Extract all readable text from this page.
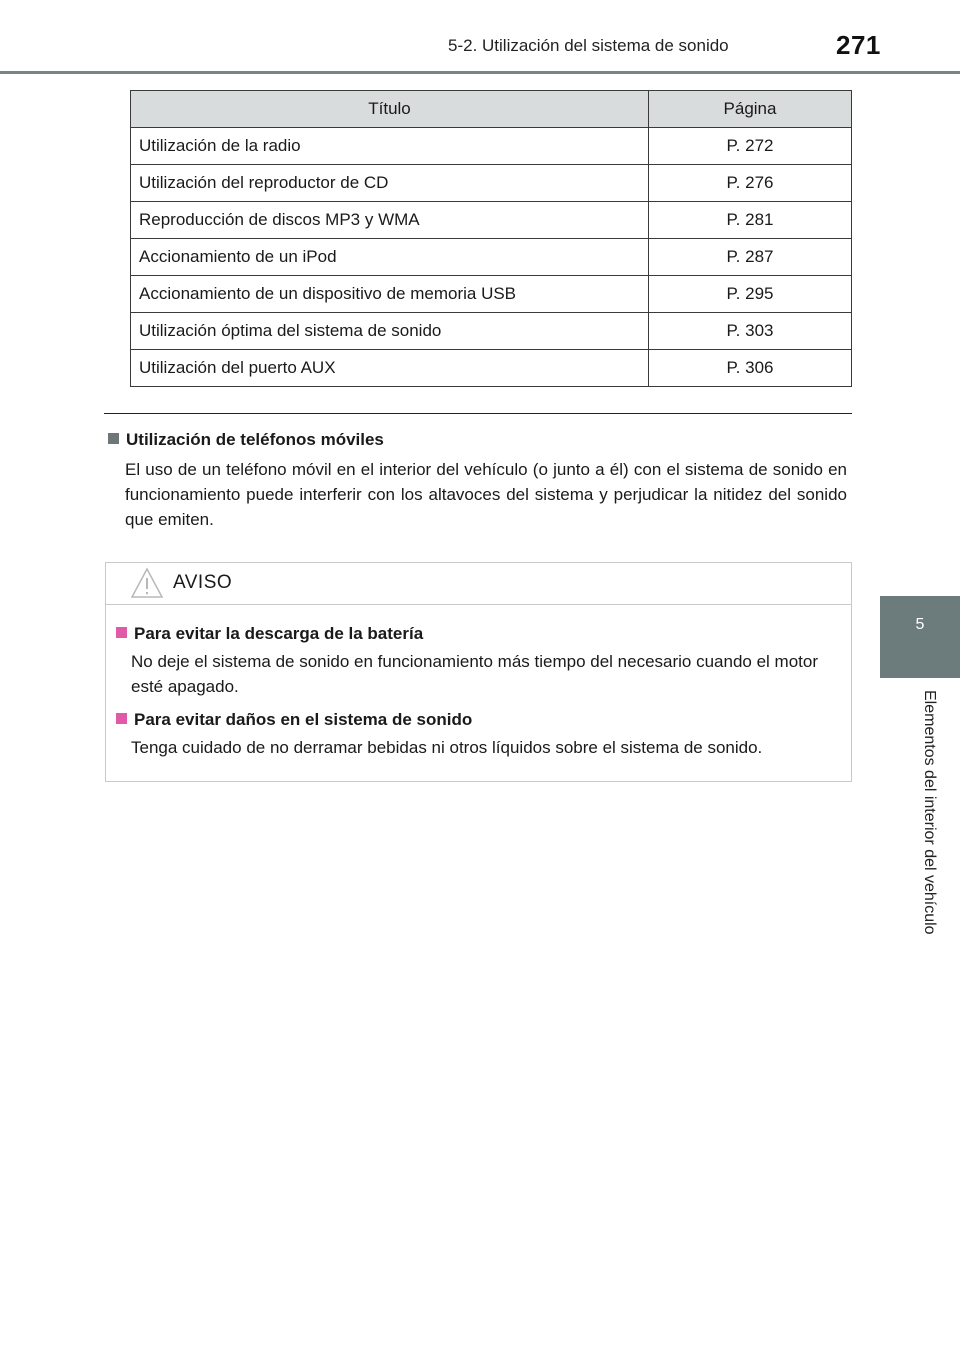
5-2. Utilización del sistema de sonido	271
5
Elementos del interior del vehículo
Título	Página
Utilización de la radio	P. 272
Utilización del reproductor de CD	P. 276
Reproducción de discos MP3 y WMA	P. 281
Accionamiento de un iPod	P. 287
Accionamiento de un dispositivo de memoria USB	P. 295
Utilización óptima del sistema de sonido	P. 303
Utilización del puerto AUX	P. 306
Utilización de teléfonos móviles
El uso de un teléfono móvil en el interior del vehículo (o junto a él) con el sistema de sonido en funcionamiento puede interferir con los altavoces del sistema y perjudicar la nitidez del sonido que emiten.
AVISO
Para evitar la descarga de la batería
No deje el sistema de sonido en funcionamiento más tiempo del necesario cuando el motor esté apagado.
Para evitar daños en el sistema de sonido
Tenga cuidado de no derramar bebidas ni otros líquidos sobre el sistema de sonido.
